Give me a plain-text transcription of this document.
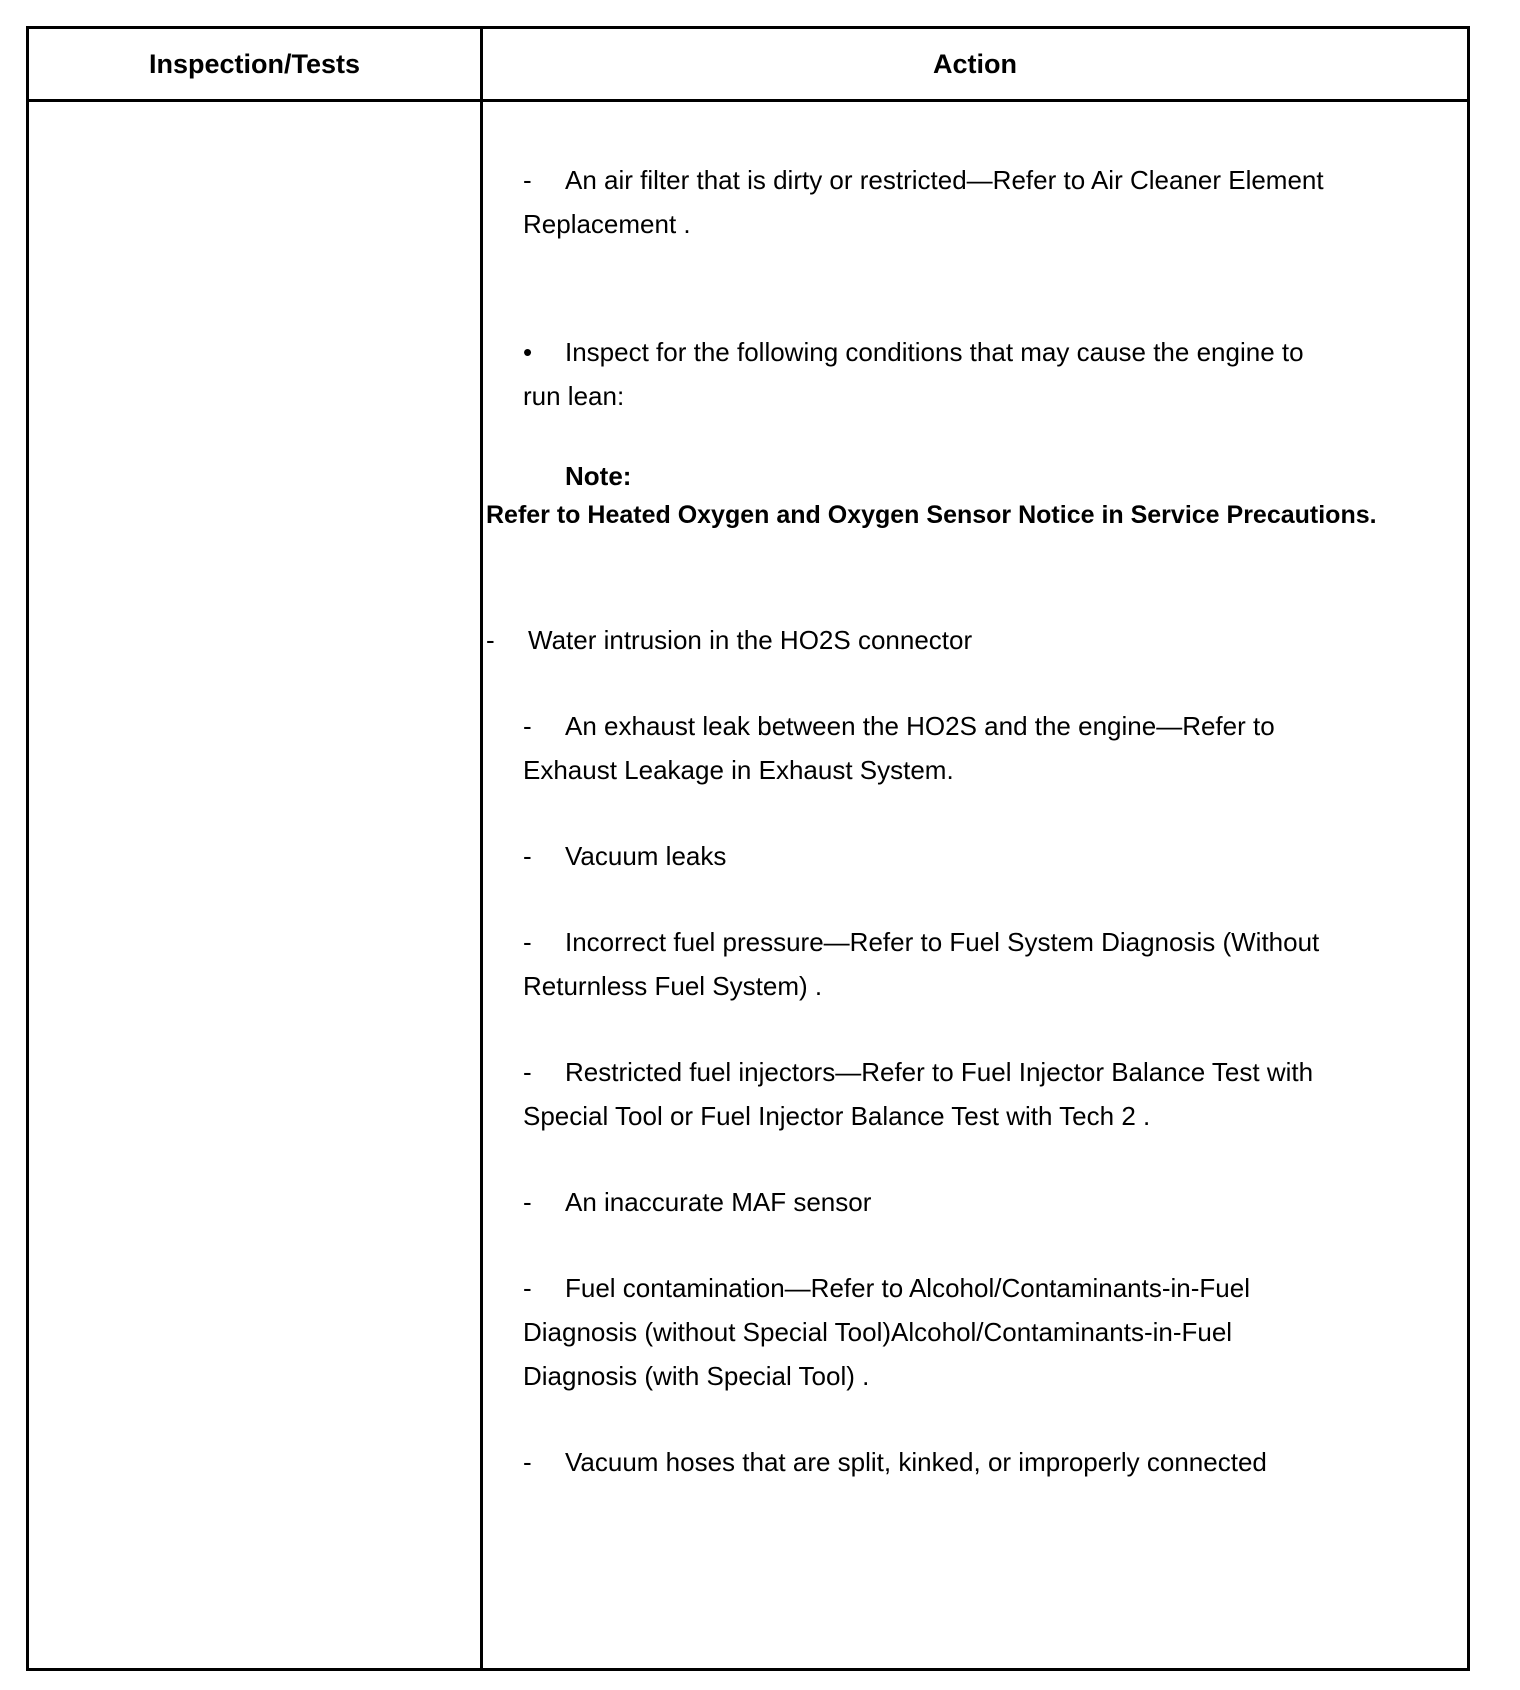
Inspection/Tests	Action
- An air filter that is dirty or restricted—Refer to Air Cleaner Element
Replacement .
• Inspect for the following conditions that may cause the engine to
run lean:
Note:
Refer to Heated Oxygen and Oxygen Sensor Notice in Service Precautions.
- Water intrusion in the HO2S connector
- An exhaust leak between the HO2S and the engine—Refer to
Exhaust Leakage in Exhaust System.
- Vacuum leaks
- Incorrect fuel pressure—Refer to Fuel System Diagnosis (Without
Returnless Fuel System) .
- Restricted fuel injectors—Refer to Fuel Injector Balance Test with
Special Tool or Fuel Injector Balance Test with Tech 2 .
- An inaccurate MAF sensor
- Fuel contamination—Refer to Alcohol/Contaminants-in-Fuel
Diagnosis (without Special Tool)Alcohol/Contaminants-in-Fuel
Diagnosis (with Special Tool) .
- Vacuum hoses that are split, kinked, or improperly connected
